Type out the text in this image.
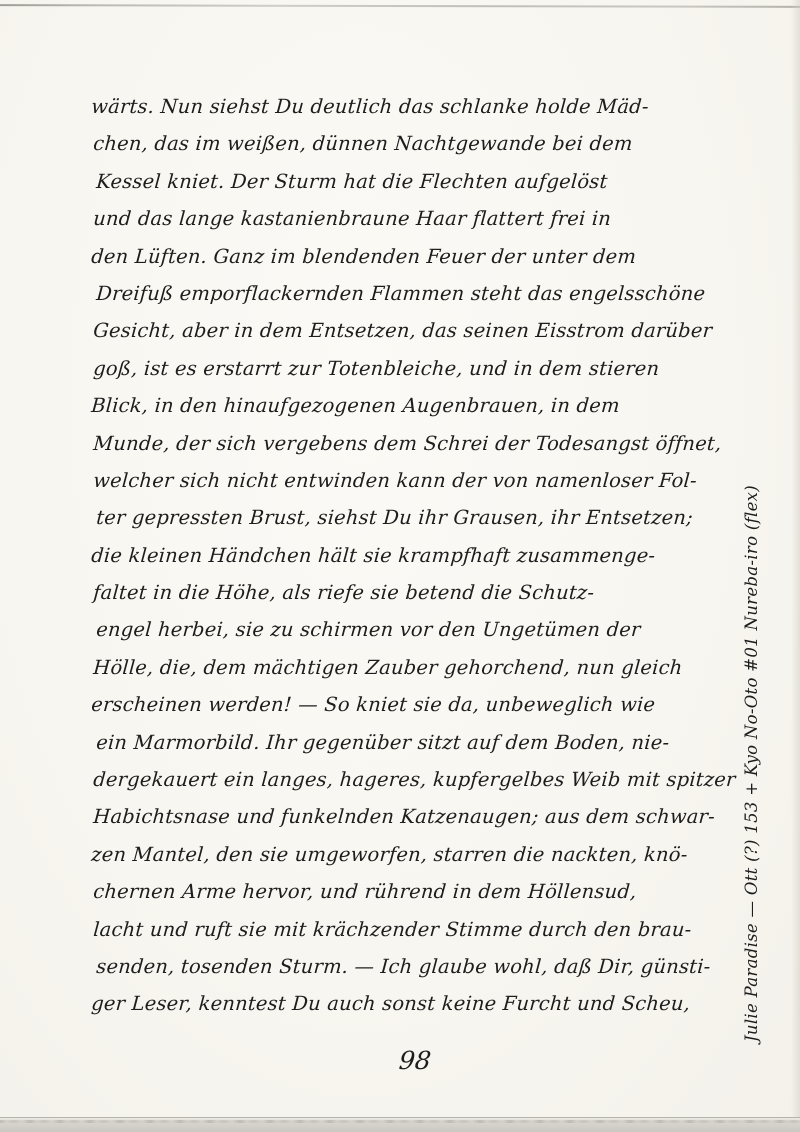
wärts. Nun siehst Du deutlich das schlanke holde Mäd-
chen, das im weißen, dünnen Nachtgewande bei dem
Kessel kniet. Der Sturm hat die Flechten aufgelöst
und das lange kastanienbraune Haar flattert frei in
den Lüften. Ganz im blendenden Feuer der unter dem
Dreifuß emporflackernden Flammen steht das engelsschöne
Gesicht, aber in dem Entsetzen, das seinen Eisstrom darüber
goß, ist es erstarrt zur Totenbleiche, und in dem stieren
Blick, in den hinaufgezogenen Augenbrauen, in dem
Munde, der sich vergebens dem Schrei der Todesangst öffnet,
welcher sich nicht entwinden kann der von namenloser Fol-
ter gepressten Brust, siehst Du ihr Grausen, ihr Entsetzen;
die kleinen Händchen hält sie krampfhaft zusammenge-
faltet in die Höhe, als riefe sie betend die Schutz-
engel herbei, sie zu schirmen vor den Ungetümen der
Hölle, die, dem mächtigen Zauber gehorchend, nun gleich
erscheinen werden! — So kniet sie da, unbeweglich wie
ein Marmorbild. Ihr gegenüber sitzt auf dem Boden, nie-
dergekauert ein langes, hageres, kupfergelbes Weib mit spitzer
Habichtsnase und funkelnden Katzenaugen; aus dem schwar-
zen Mantel, den sie umgeworfen, starren die nackten, knö-
chernen Arme hervor, und rührend in dem Höllensud,
lacht und ruft sie mit krächzender Stimme durch den brau-
senden, tosenden Sturm. — Ich glaube wohl, daß Dir, günsti-
ger Leser, kenntest Du auch sonst keine Furcht und Scheu,	Julie Paradise — Ott (?) 153 + Kyo No-Oto #01 Nureba-iro (flex)
98
